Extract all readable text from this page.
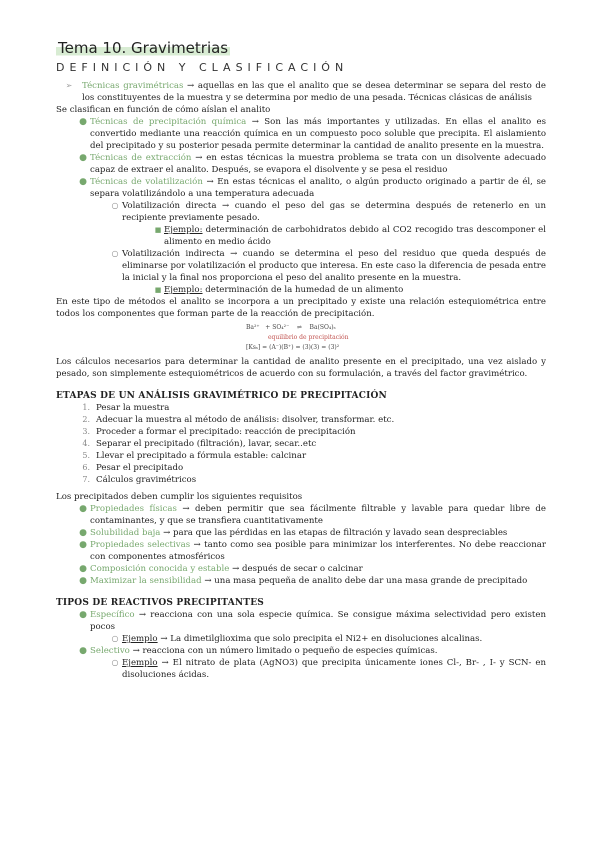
Tema 10. Gravimetrias
DEFINICIÓN Y CLASIFICACIÓN
➢	Técnicas gravimétricas → aquellas en las que el analito que se desea determinar se separa del resto de los constituyentes de la muestra y se determina por medio de una pesada. Técnicas clásicas de análisis
Se clasifican en función de cómo aíslan el analito
● Técnicas de precipitación química → Son las más importantes y utilizadas. En ellas el analito es convertido mediante una reacción química en un compuesto poco soluble que precipita. El aislamiento del precipitado y su posterior pesada permite determinar la cantidad de analito presente en la muestra.
● Técnicas de extracción → en estas técnicas la muestra problema se trata con un disolvente adecuado capaz de extraer el analito. Después, se evapora el disolvente y se pesa el residuo
● Técnicas de volatilización → En estas técnicas el analito, o algún producto originado a partir de él, se separa volatilizándolo a una temperatura adecuada
○ Volatilización directa → cuando el peso del gas se determina después de retenerlo en un recipiente previamente pesado.
■ Ejemplo: determinación de carbohidratos debido al CO2 recogido tras descomponer el alimento en medio ácido
○ Volatilización indirecta → cuando se determina el peso del residuo que queda después de eliminarse por volatilización el producto que interesa. En este caso la diferencia de pesada entre la inicial y la final nos proporciona el peso del analito presente en la muestra.
■ Ejemplo: determinación de la humedad de un alimento
En este tipo de métodos el analito se incorpora a un precipitado y existe una relación estequiométrica entre todos los componentes que forman parte de la reacción de precipitación.
Ba²⁺ + SO₄²⁻    ⇌    Ba(SO₄)ₛ
equilibrio de precipitación
[Ksₛ] = (A⁻)(B⁺) = (3)(3) = (3)²
Los cálculos necesarios para determinar la cantidad de analito presente en el precipitado, una vez aislado y pesado, son simplemente estequiométricos de acuerdo con su formulación, a través del factor gravimétrico.
ETAPAS DE UN ANÁLISIS GRAVIMÉTRICO DE PRECIPITACIÓN
1. Pesar la muestra
2. Adecuar la muestra al método de análisis: disolver, transformar. etc.
3. Proceder a formar el precipitado: reacción de precipitación
4. Separar el precipitado (filtración), lavar, secar..etc
5. Llevar el precipitado a fórmula estable: calcinar
6. Pesar el precipitado
7. Cálculos gravimétricos
Los precipitados deben cumplir los siguientes requisitos
● Propiedades físicas → deben permitir que sea fácilmente filtrable y lavable para quedar libre de contaminantes, y que se transfiera cuantitativamente
● Solubilidad baja → para que las pérdidas en las etapas de filtración y lavado sean despreciables
● Propiedades selectivas → tanto como sea posible para minimizar los interferentes. No debe reaccionar con componentes atmosféricos
● Composición conocida y estable → después de secar o calcinar
● Maximizar la sensibilidad → una masa pequeña de analito debe dar una masa grande de precipitado
TIPOS DE REACTIVOS PRECIPITANTES
● Específico → reacciona con una sola especie química. Se consigue máxima selectividad pero existen pocos
○ Ejemplo → La dimetilglioxima que solo precipita el Ni2+ en disoluciones alcalinas.
● Selectivo → reacciona con un número limitado o pequeño de especies químicas.
○ Ejemplo → El nitrato de plata (AgNO3) que precipita únicamente iones Cl-, Br- , I- y SCN- en disoluciones ácidas.
